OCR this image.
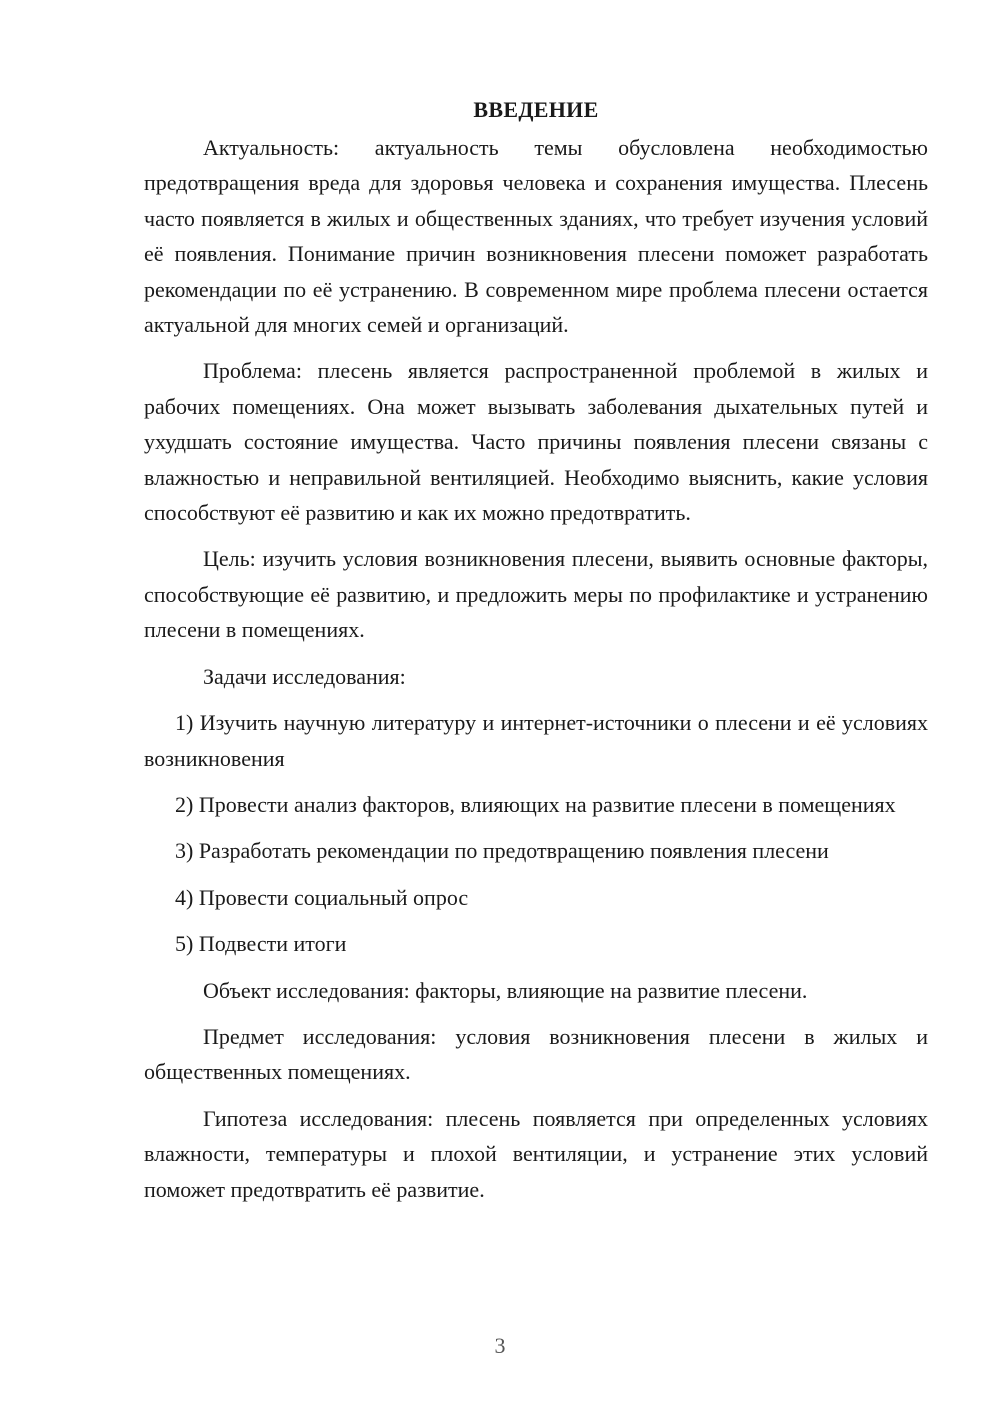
ВВЕДЕНИЕ

Актуальность: актуальность темы обусловлена необходимостью предотвращения вреда для здоровья человека и сохранения имущества. Плесень часто появляется в жилых и общественных зданиях, что требует изучения условий её появления. Понимание причин возникновения плесени поможет разработать рекомендации по её устранению. В современном мире проблема плесени остается актуальной для многих семей и организаций.

Проблема: плесень является распространенной проблемой в жилых и рабочих помещениях. Она может вызывать заболевания дыхательных путей и ухудшать состояние имущества. Часто причины появления плесени связаны с влажностью и неправильной вентиляцией. Необходимо выяснить, какие условия способствуют её развитию и как их можно предотвратить.

Цель: изучить условия возникновения плесени, выявить основные факторы, способствующие её развитию, и предложить меры по профилактике и устранению плесени в помещениях.

Задачи исследования:

1) Изучить научную литературу и интернет-источники о плесени и её условиях возникновения

2) Провести анализ факторов, влияющих на развитие плесени в помещениях

3) Разработать рекомендации по предотвращению появления плесени

4) Провести социальный опрос

5) Подвести итоги

Объект исследования: факторы, влияющие на развитие плесени.

Предмет исследования: условия возникновения плесени в жилых и общественных помещениях.

Гипотеза исследования: плесень появляется при определенных условиях влажности, температуры и плохой вентиляции, и устранение этих условий поможет предотвратить её развитие.

3
